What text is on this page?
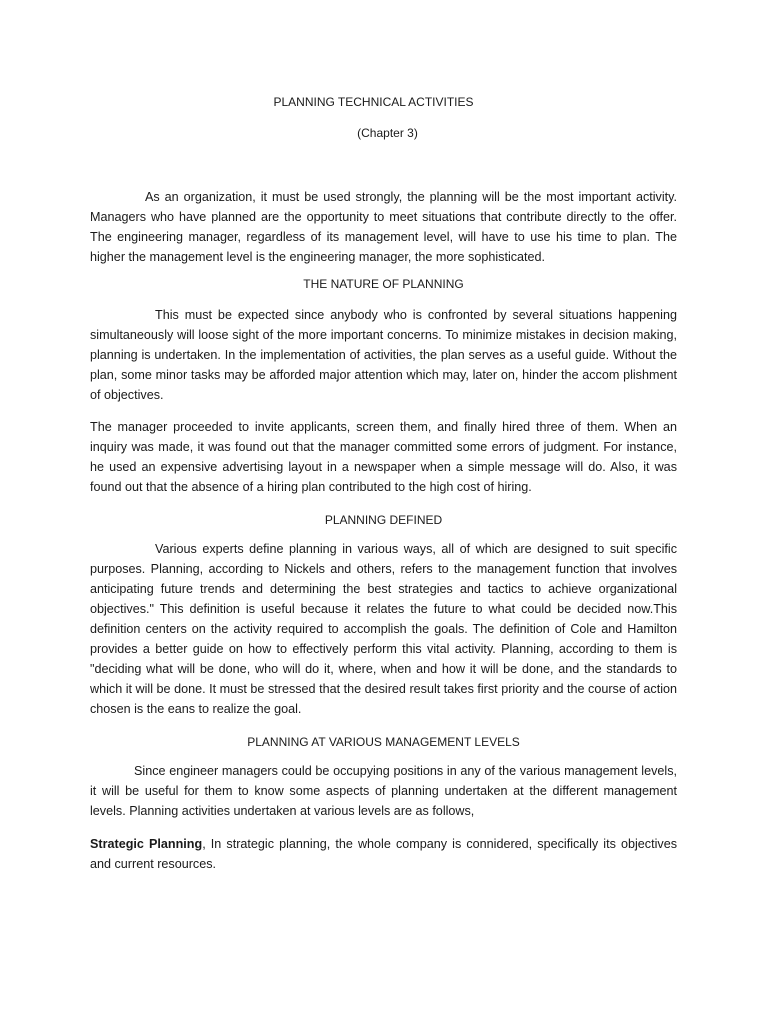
PLANNING TECHNICAL ACTIVITIES

(Chapter 3)

As an organization, it must be used strongly, the planning will be the most important activity. Managers who have planned are the opportunity to meet situations that contribute directly to the offer. The engineering manager, regardless of its management level, will have to use his time to plan. The higher the management level is the engineering manager, the more sophisticated.

THE NATURE OF PLANNING

This must be expected since anybody who is confronted by several situations happening simultaneously will loose sight of the more important concerns. To minimize mistakes in decision making, planning is undertaken. In the implementation of activities, the plan serves as a useful guide. Without the plan, some minor tasks may be afforded major attention which may, later on, hinder the accom plishment of objectives.

The manager proceeded to invite applicants, screen them, and finally hired three of them. When an inquiry was made, it was found out that the manager committed some errors of judgment. For instance, he used an expensive advertising layout in a newspaper when a simple message will do. Also, it was found out that the absence of a hiring plan contributed to the high cost of hiring.

PLANNING DEFINED

Various experts define planning in various ways, all of which are designed to suit specific purposes. Planning, according to Nickels and others, refers to the management function that involves anticipating future trends and determining the best strategies and tactics to achieve organizational objectives." This definition is useful because it relates the future to what could be decided now.This definition centers on the activity required to accomplish the goals. The definition of Cole and Hamilton provides a better guide on how to effectively perform this vital activity. Planning, according to them is "deciding what will be done, who will do it, where, when and how it will be done, and the standards to which it will be done. It must be stressed that the desired result takes first priority and the course of action chosen is the eans to realize the goal.

PLANNING AT VARIOUS MANAGEMENT LEVELS

Since engineer managers could be occupying positions in any of the various management levels, it will be useful for them to know some aspects of planning undertaken at the different management levels. Planning activities undertaken at various levels are as follows,

Strategic Planning, In strategic planning, the whole company is connidered, specifically its objectives and current resources.
